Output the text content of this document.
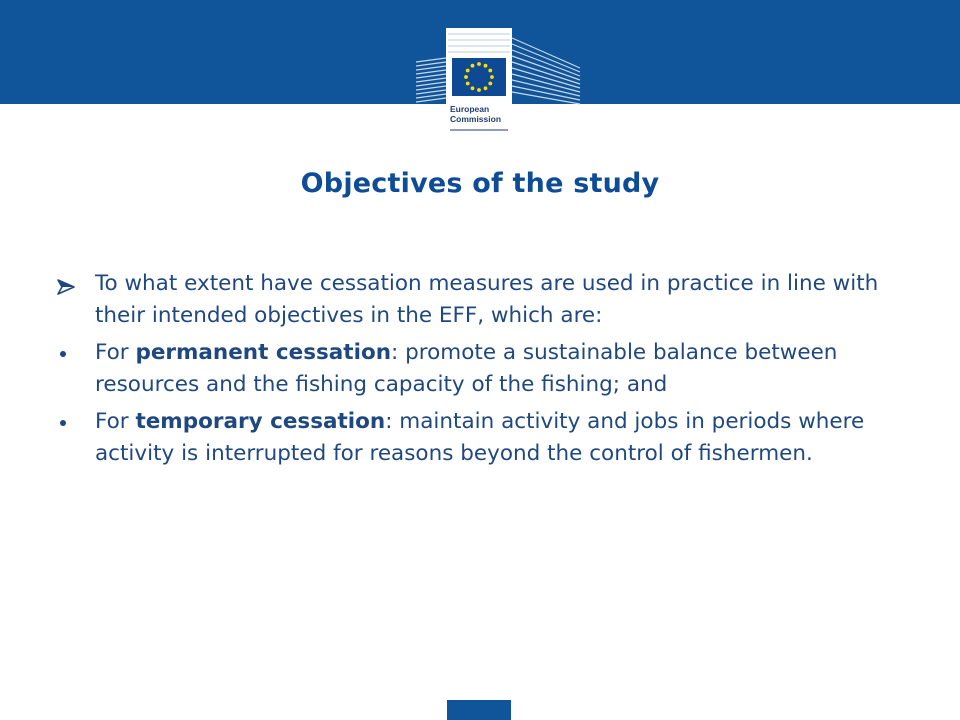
European
Commission
Objectives of the study
To what extent have cessation measures are used in practice in line with their intended objectives in the EFF, which are:
For permanent cessation: promote a sustainable balance between resources and the fishing capacity of the fishing; and
For temporary cessation: maintain activity and jobs in periods where activity is interrupted for reasons beyond the control of fishermen.
